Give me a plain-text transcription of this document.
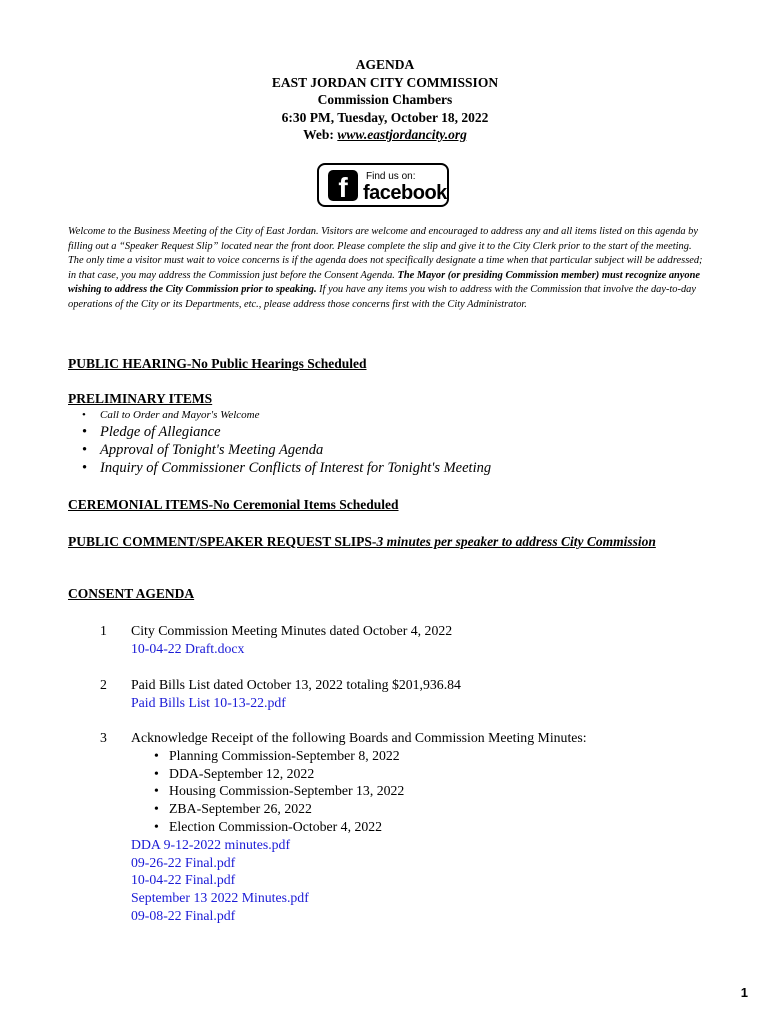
AGENDA
EAST JORDAN CITY COMMISSION
Commission Chambers
6:30 PM, Tuesday, October 18, 2022
Web: www.eastjordancity.org
f	Find us on:
facebook
Welcome to the Business Meeting of the City of East Jordan. Visitors are welcome and encouraged to address any and all items listed on this agenda by filling out a “Speaker Request Slip” located near the front door. Please complete the slip and give it to the City Clerk prior to the start of the meeting. The only time a visitor must wait to voice concerns is if the agenda does not specifically designate a time when that particular subject will be addressed; in that case, you may address the Commission just before the Consent Agenda. The Mayor (or presiding Commission member) must recognize anyone wishing to address the City Commission prior to speaking. If you have any items you wish to address with the Commission that involve the day-to-day operations of the City or its Departments, etc., please address those concerns first with the City Administrator.
PUBLIC HEARING-No Public Hearings Scheduled
PRELIMINARY ITEMS
• Call to Order and Mayor's Welcome
• Pledge of Allegiance
• Approval of Tonight's Meeting Agenda
• Inquiry of Commissioner Conflicts of Interest for Tonight's Meeting
CEREMONIAL ITEMS-No Ceremonial Items Scheduled
PUBLIC COMMENT/SPEAKER REQUEST SLIPS-3 minutes per speaker to address City Commission
CONSENT AGENDA
1 City Commission Meeting Minutes dated October 4, 2022
10-04-22 Draft.docx
2 Paid Bills List dated October 13, 2022 totaling $201,936.84
Paid Bills List 10-13-22.pdf
3 Acknowledge Receipt of the following Boards and Commission Meeting Minutes:
• Planning Commission-September 8, 2022
• DDA-September 12, 2022
• Housing Commission-September 13, 2022
• ZBA-September 26, 2022
• Election Commission-October 4, 2022
DDA 9-12-2022 minutes.pdf
09-26-22 Final.pdf
10-04-22 Final.pdf
September 13 2022 Minutes.pdf
09-08-22 Final.pdf
1
